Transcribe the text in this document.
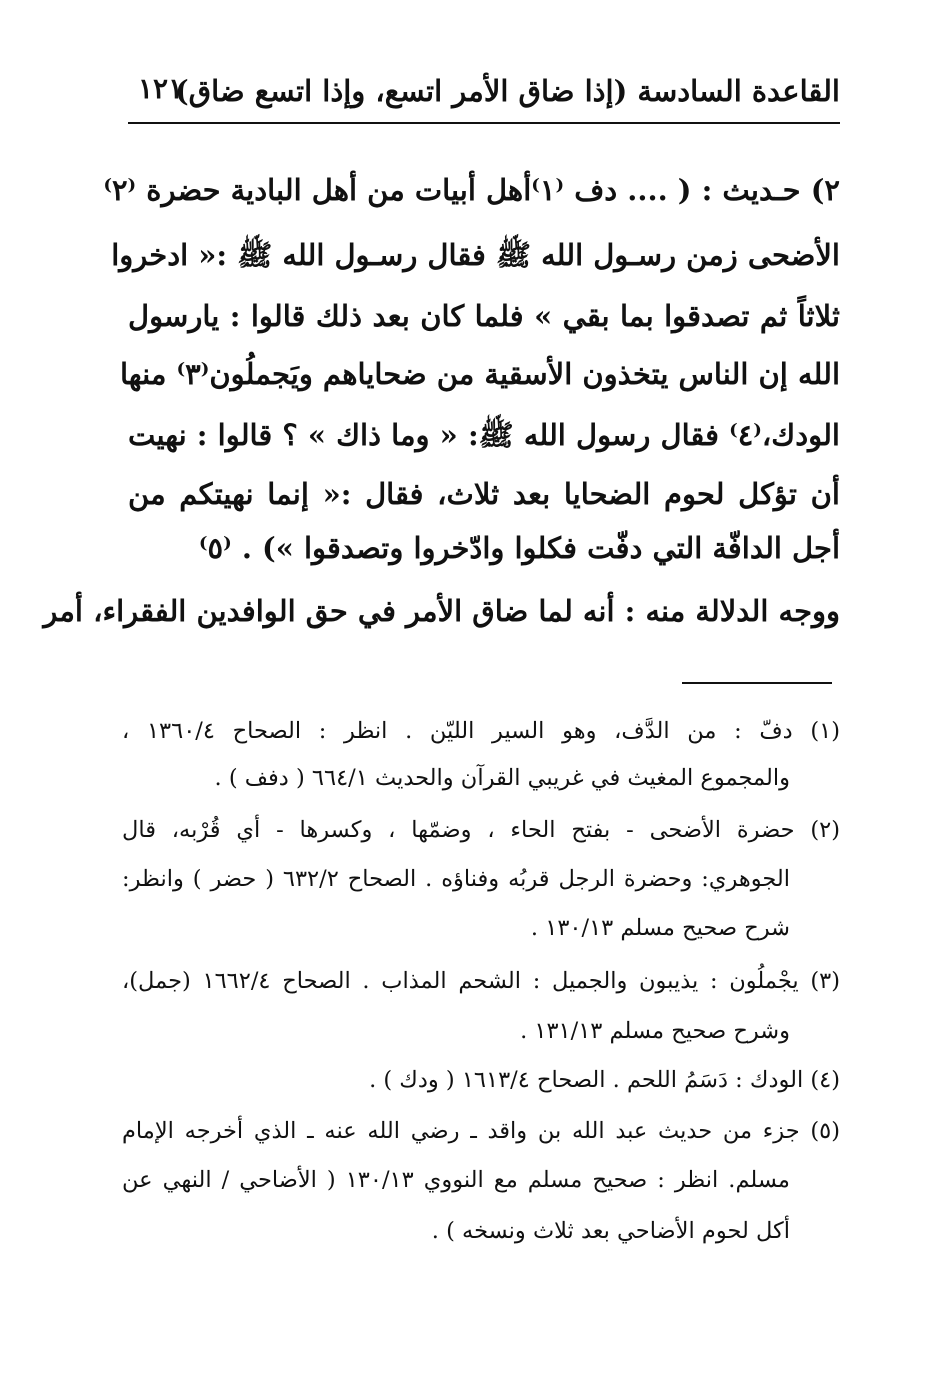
القاعدة السادسة (إذا ضاق الأمر اتسع، وإذا اتسع ضاق)
١٢١
٢) حـديث : ( .... دف ⁽١⁾أهل أبيات من أهل البادية حضرة ⁽٢⁾
الأضحى زمن رسـول الله ﷺ فقال رسـول الله ﷺ :« ادخروا
ثلاثاً ثم تصدقوا بما بقي » فلما كان بعد ذلك قالوا : يارسول
الله إن الناس يتخذون الأسقية من ضحاياهم ويَجملُون⁽٣⁾ منها
الودك،⁽٤⁾ فقال رسول الله ﷺ: « وما ذاك » ؟ قالوا : نهيت
أن تؤكل لحوم الضحايا بعد ثلاث، فقال :« إنما نهيتكم من
أجل الدافّة التي دفّت فكلوا وادّخروا وتصدقوا ») . ⁽٥⁾
ووجه الدلالة منه : أنه لما ضاق الأمر في حق الوافدين الفقراء، أمر
(١) دفّ : من الدَّف، وهو السير الليّن . انظر : الصحاح ١٣٦٠/٤ ،
والمجموع المغيث في غريبي القرآن والحديث ٦٦٤/١ ( دفف ) .
(٢) حضرة الأضحى - بفتح الحاء ، وضمّها ، وكسرها - أي قُرْبه، قال
الجوهري: وحضرة الرجل قربُه وفناؤه . الصحاح ٦٣٢/٢ ( حضر ) وانظر:
شرح صحيح مسلم ١٣٠/١٣ .
(٣) يجْملُون : يذيبون والجميل : الشحم المذاب . الصحاح ١٦٦٢/٤ (جمل)،
وشرح صحيح مسلم ١٣١/١٣ .
(٤) الودك : دَسَمُ اللحم . الصحاح ١٦١٣/٤ ( ودك ) .
(٥) جزء من حديث عبد الله بن واقد ـ رضي الله عنه ـ الذي أخرجه الإمام
مسلم. انظر : صحيح مسلم مع النووي ١٣٠/١٣ ( الأضاحي / النهي عن
أكل لحوم الأضاحي بعد ثلاث ونسخه ) .
